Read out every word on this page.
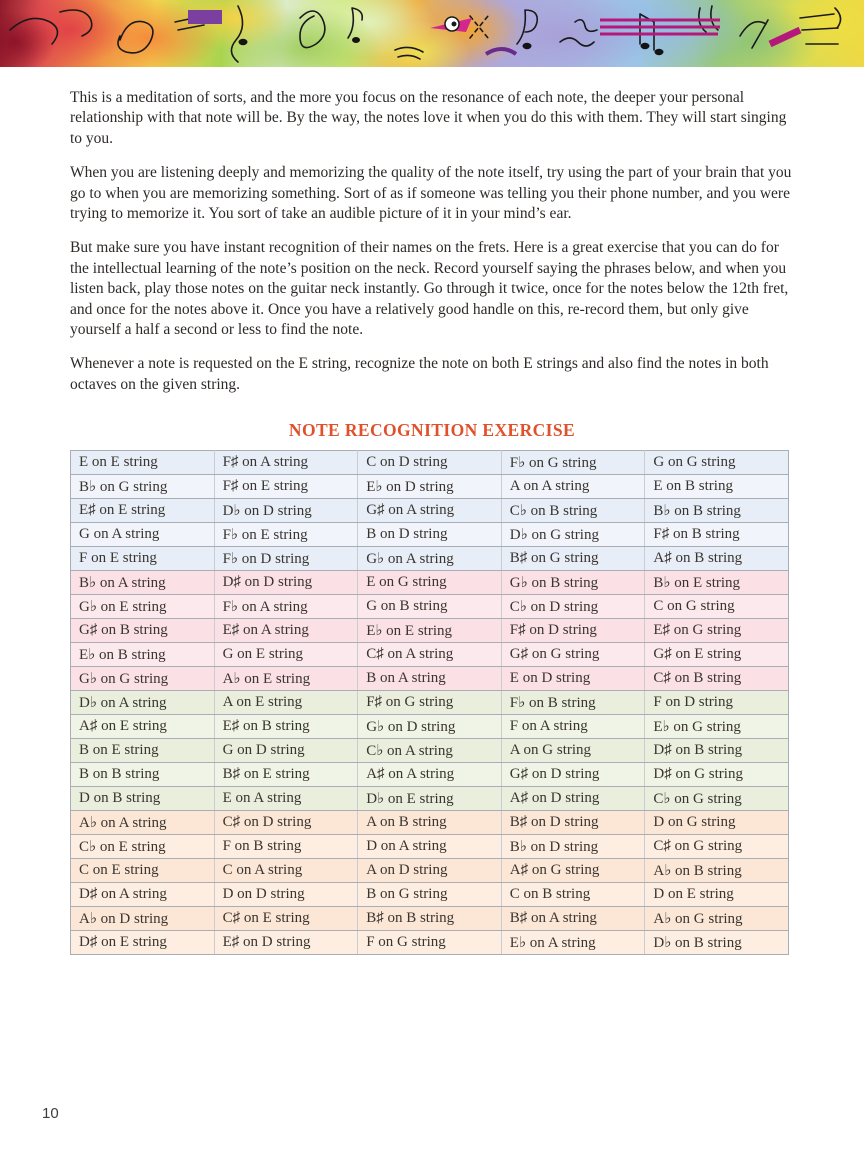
This is a meditation of sorts, and the more you focus on the resonance of each note, the deeper your personal relationship with that note will be. By the way, the notes love it when you do this with them. They will start singing to you.

When you are listening deeply and memorizing the quality of the note itself, try using the part of your brain that you go to when you are memorizing something. Sort of as if someone was telling you their phone number, and you were trying to memorize it. You sort of take an audible picture of it in your mind’s ear.

But make sure you have instant recognition of their names on the frets. Here is a great exercise that you can do for the intellectual learning of the note’s position on the neck. Record yourself saying the phrases below, and when you listen back, play those notes on the guitar neck instantly. Go through it twice, once for the notes below the 12th fret, and once for the notes above it. Once you have a relatively good handle on this, re-record them, but only give yourself a half a second or less to find the note.

Whenever a note is requested on the E string, recognize the note on both E strings and also find the notes in both octaves on the given string.

NOTE RECOGNITION EXERCISE
E on E string	F♯ on A string	C on D string	F♭ on G string	G on G string
B♭ on G string	F♯ on E string	E♭ on D string	A on A string	E on B string
E♯ on E string	D♭ on D string	G♯ on A string	C♭ on B string	B♭ on B string
G on A string	F♭ on E string	B on D string	D♭ on G string	F♯ on B string
F on E string	F♭ on D string	G♭ on A string	B♯ on G string	A♯ on B string
B♭ on A string	D♯ on D string	E on G string	G♭ on B string	B♭ on E string
G♭ on E string	F♭ on A string	G on B string	C♭ on D string	C on G string
G♯ on B string	E♯ on A string	E♭ on E string	F♯ on D string	E♯ on G string
E♭ on B string	G on E string	C♯ on A string	G♯ on G string	G♯ on E string
G♭ on G string	A♭ on E string	B on A string	E on D string	C♯ on B string
D♭ on A string	A on E string	F♯ on G string	F♭ on B string	F on D string
A♯ on E string	E♯ on B string	G♭ on D string	F on A string	E♭ on G string
B on E string	G on D string	C♭ on A string	A on G string	D♯ on B string
B on B string	B♯ on E string	A♯ on A string	G♯ on D string	D♯ on G string
D on B string	E on A string	D♭ on E string	A♯ on D string	C♭ on G string
A♭ on A string	C♯ on D string	A on B string	B♯ on D string	D on G string
C♭ on E string	F on B string	D on A string	B♭ on D string	C♯ on G string
C on E string	C on A string	A on D string	A♯ on G string	A♭ on B string
D♯ on A string	D on D string	B on G string	C on B string	D on E string
A♭ on D string	C♯ on E string	B♯ on B string	B♯ on A string	A♭ on G string
D♯ on E string	E♯ on D string	F on G string	E♭ on A string	D♭ on B string
10
